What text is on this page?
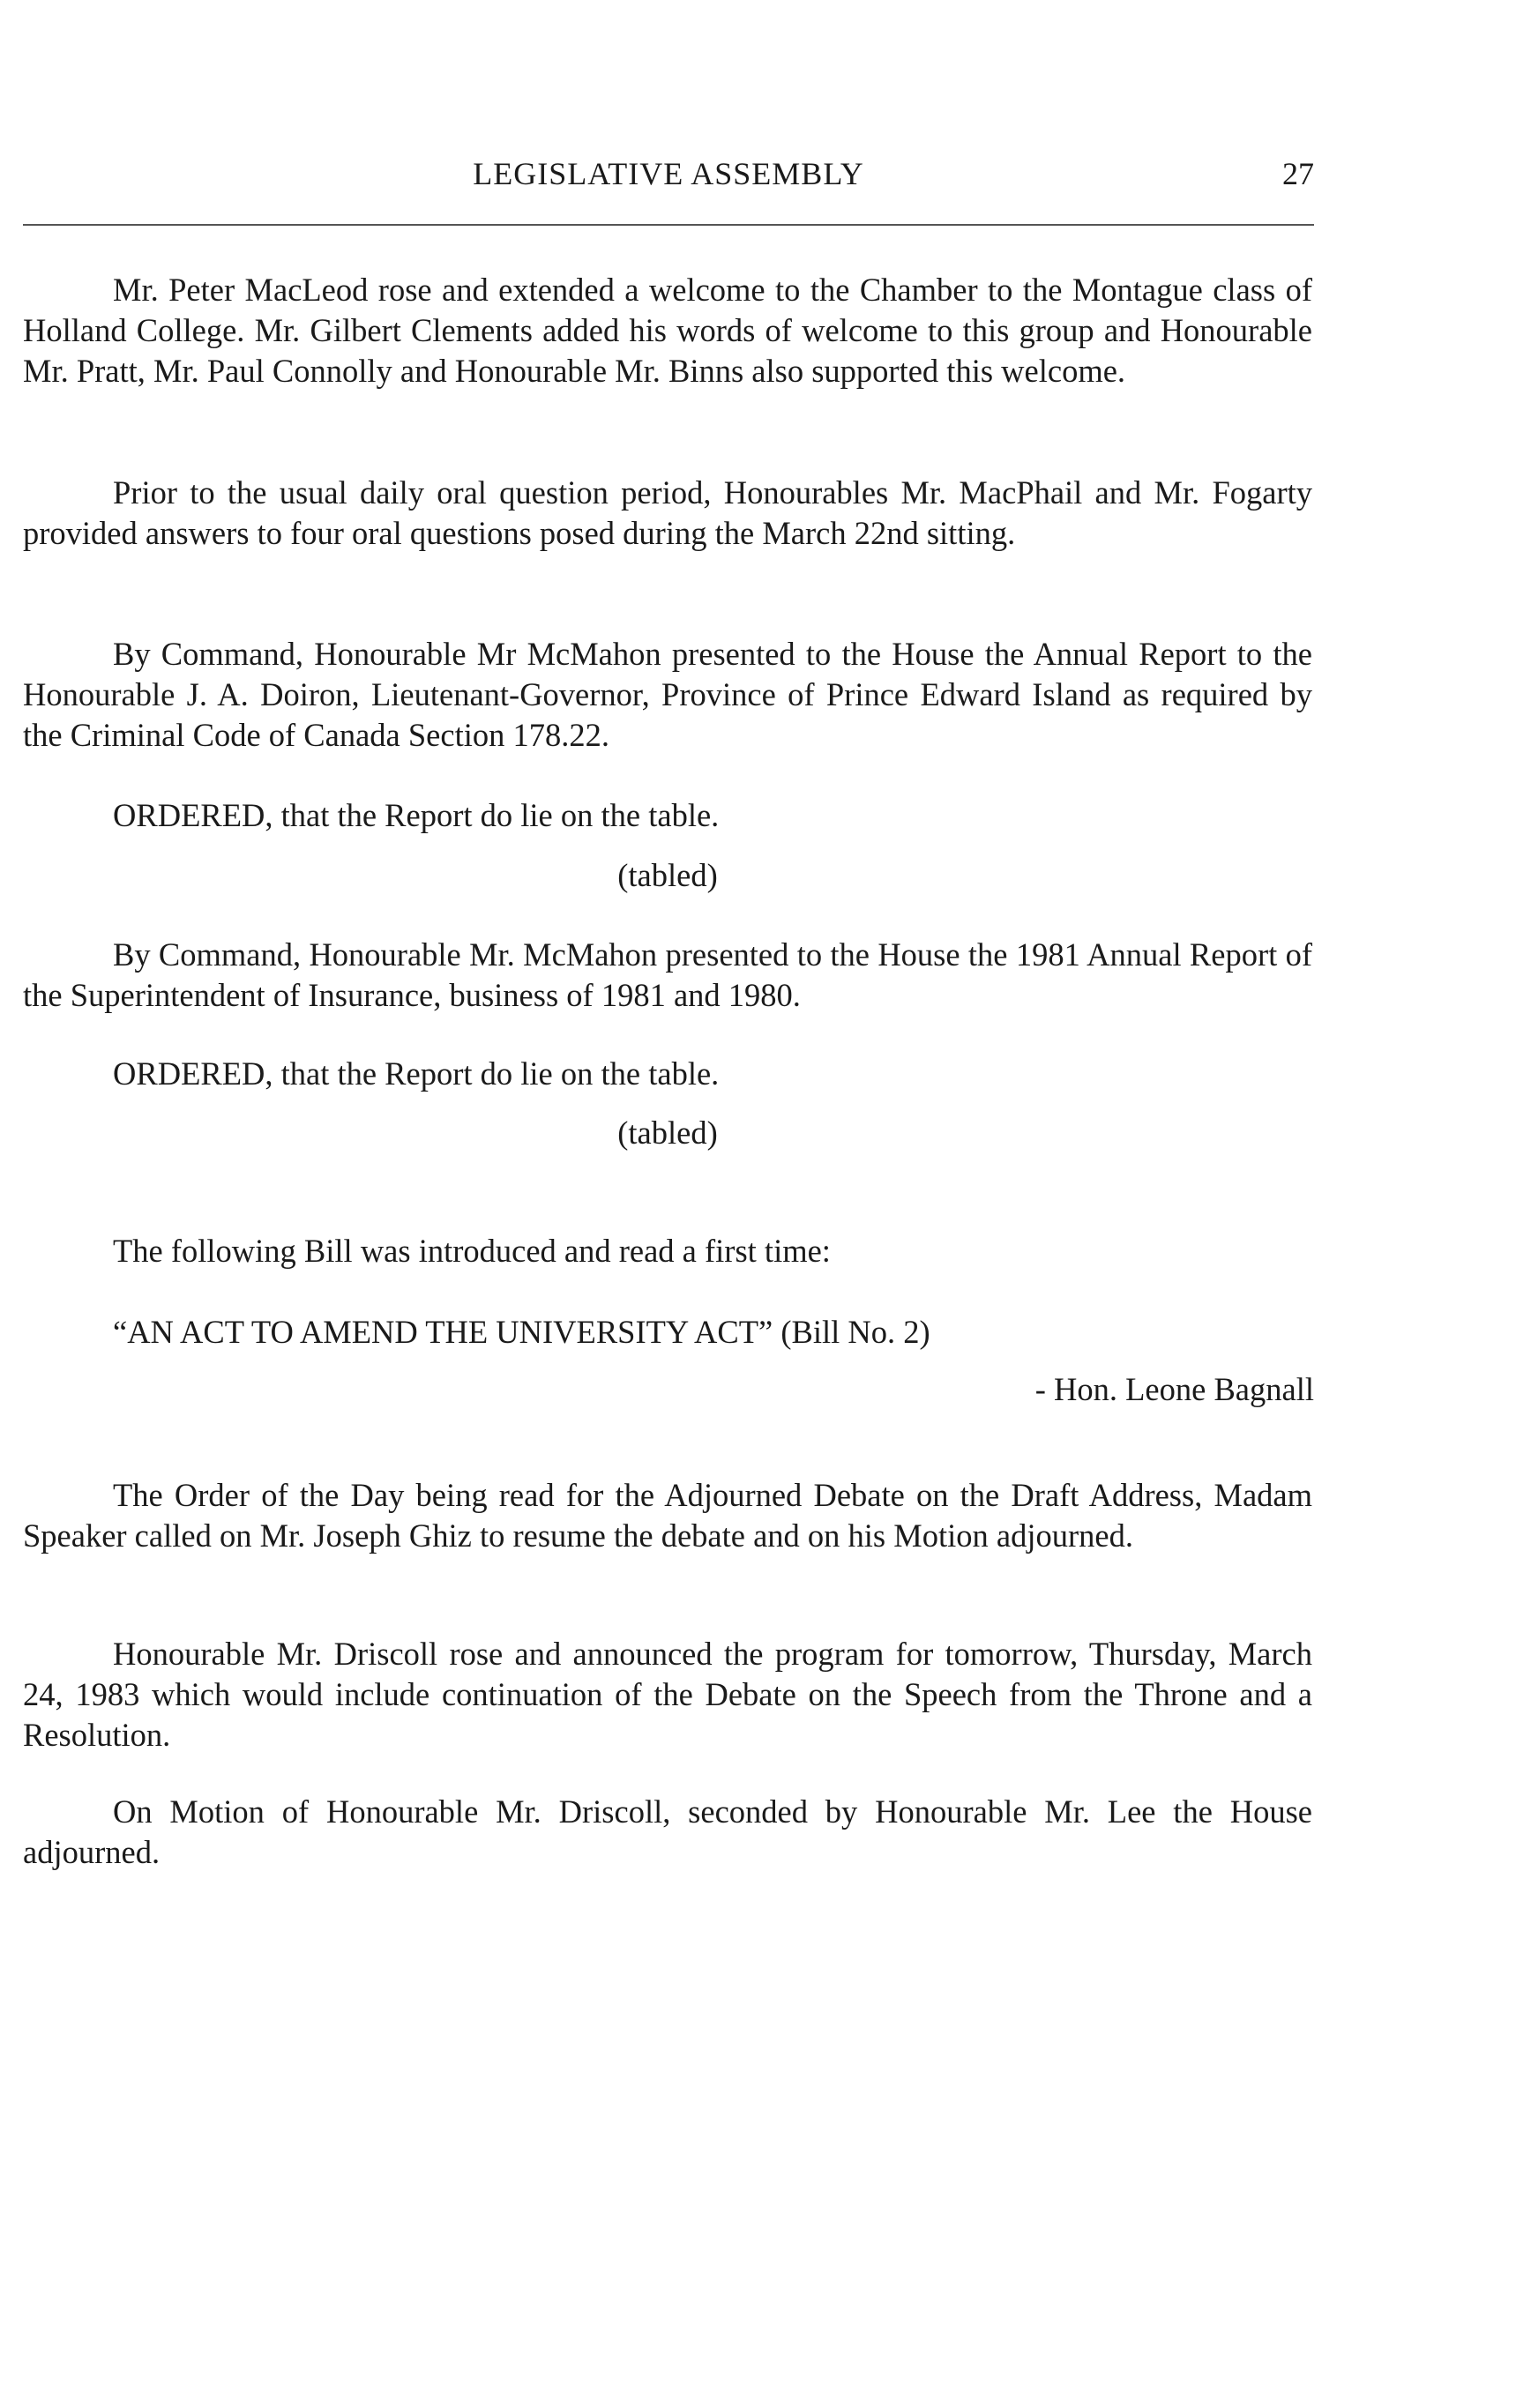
LEGISLATIVE ASSEMBLY	27

Mr. Peter MacLeod rose and extended a welcome to the Chamber to the Montague class of Holland College. Mr. Gilbert Clements added his words of welcome to this group and Honourable Mr. Pratt, Mr. Paul Connolly and Honourable Mr. Binns also supported this welcome.

Prior to the usual daily oral question period, Honourables Mr. MacPhail and Mr. Fogarty provided answers to four oral questions posed during the March 22nd sitting.

By Command, Honourable Mr McMahon presented to the House the Annual Report to the Honourable J. A. Doiron, Lieutenant-Governor, Province of Prince Edward Island as required by the Criminal Code of Canada Section 178.22.

ORDERED, that the Report do lie on the table.

(tabled)

By Command, Honourable Mr. McMahon presented to the House the 1981 Annual Report of the Superintendent of Insurance, business of 1981 and 1980.

ORDERED, that the Report do lie on the table.

(tabled)

The following Bill was introduced and read a first time:

“AN ACT TO AMEND THE UNIVERSITY ACT” (Bill No. 2)

- Hon. Leone Bagnall

The Order of the Day being read for the Adjourned Debate on the Draft Address, Madam Speaker called on Mr. Joseph Ghiz to resume the debate and on his Motion adjourned.

Honourable Mr. Driscoll rose and announced the program for tomorrow, Thursday, March 24, 1983 which would include continuation of the Debate on the Speech from the Throne and a Resolution.

On Motion of Honourable Mr. Driscoll, seconded by Honourable Mr. Lee the House adjourned.
